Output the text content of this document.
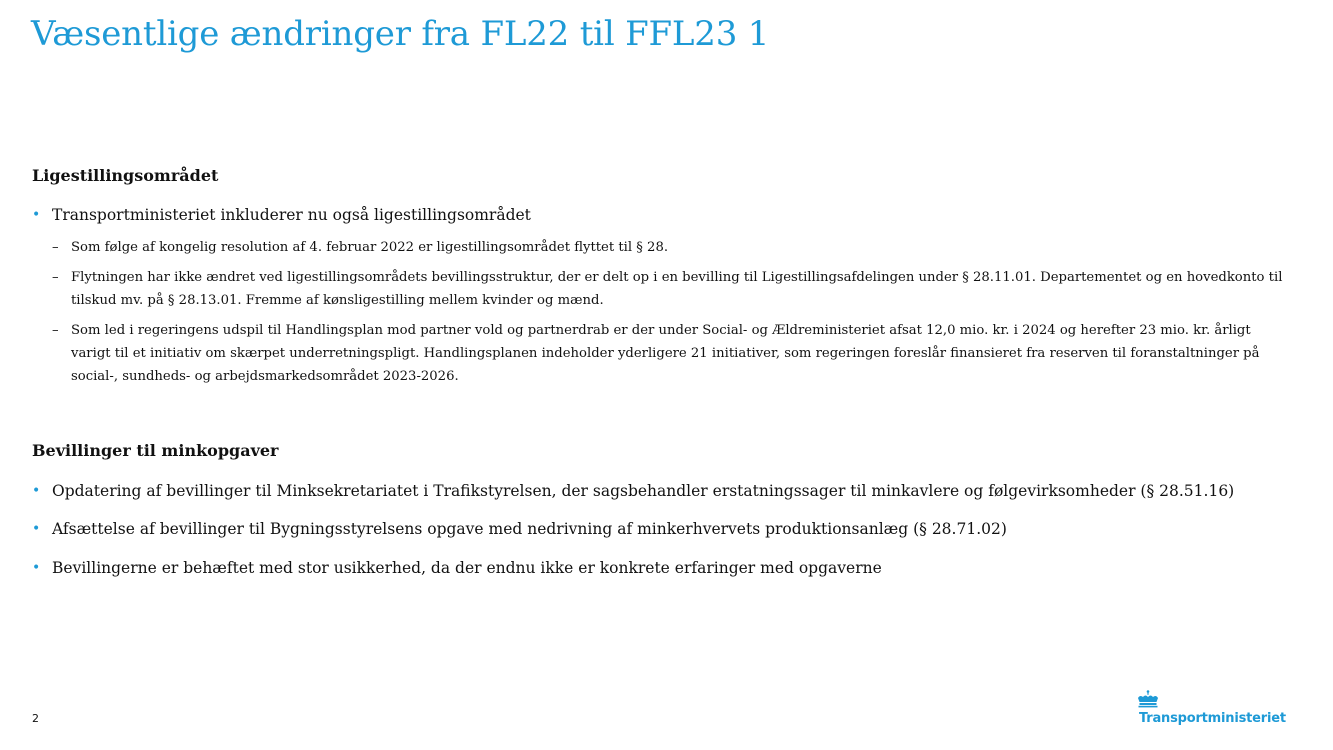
Væsentlige ændringer fra FL22 til FFL23 1
Ligestillingsområdet
• Transportministeriet inkluderer nu også ligestillingsområdet
– Som følge af kongelig resolution af 4. februar 2022 er ligestillingsområdet flyttet til § 28.
– Flytningen har ikke ændret ved ligestillingsområdets bevillingsstruktur, der er delt op i en bevilling til Ligestillingsafdelingen under § 28.11.01. Departementet og en hovedkonto til tilskud mv. på § 28.13.01. Fremme af kønsligestilling mellem kvinder og mænd.
– Som led i regeringens udspil til Handlingsplan mod partner vold og partnerdrab er der under Social- og Ældreministeriet afsat 12,0 mio. kr. i 2024 og herefter 23 mio. kr. årligt varigt til et initiativ om skærpet underretningspligt. Handlingsplanen indeholder yderligere 21 initiativer, som regeringen foreslår finansieret fra reserven til foranstaltninger på social-, sundheds- og arbejdsmarkedsområdet 2023-2026.
Bevillinger til minkopgaver
• Opdatering af bevillinger til Minksekretariatet i Trafikstyrelsen, der sagsbehandler erstatningssager til minkavlere og følgevirksomheder (§ 28.51.16)
• Afsættelse af bevillinger til Bygningsstyrelsens opgave med nedrivning af minkerhvervets produktionsanlæg (§ 28.71.02)
• Bevillingerne er behæftet med stor usikkerhed, da der endnu ikke er konkrete erfaringer med opgaverne
2	Transportministeriet
